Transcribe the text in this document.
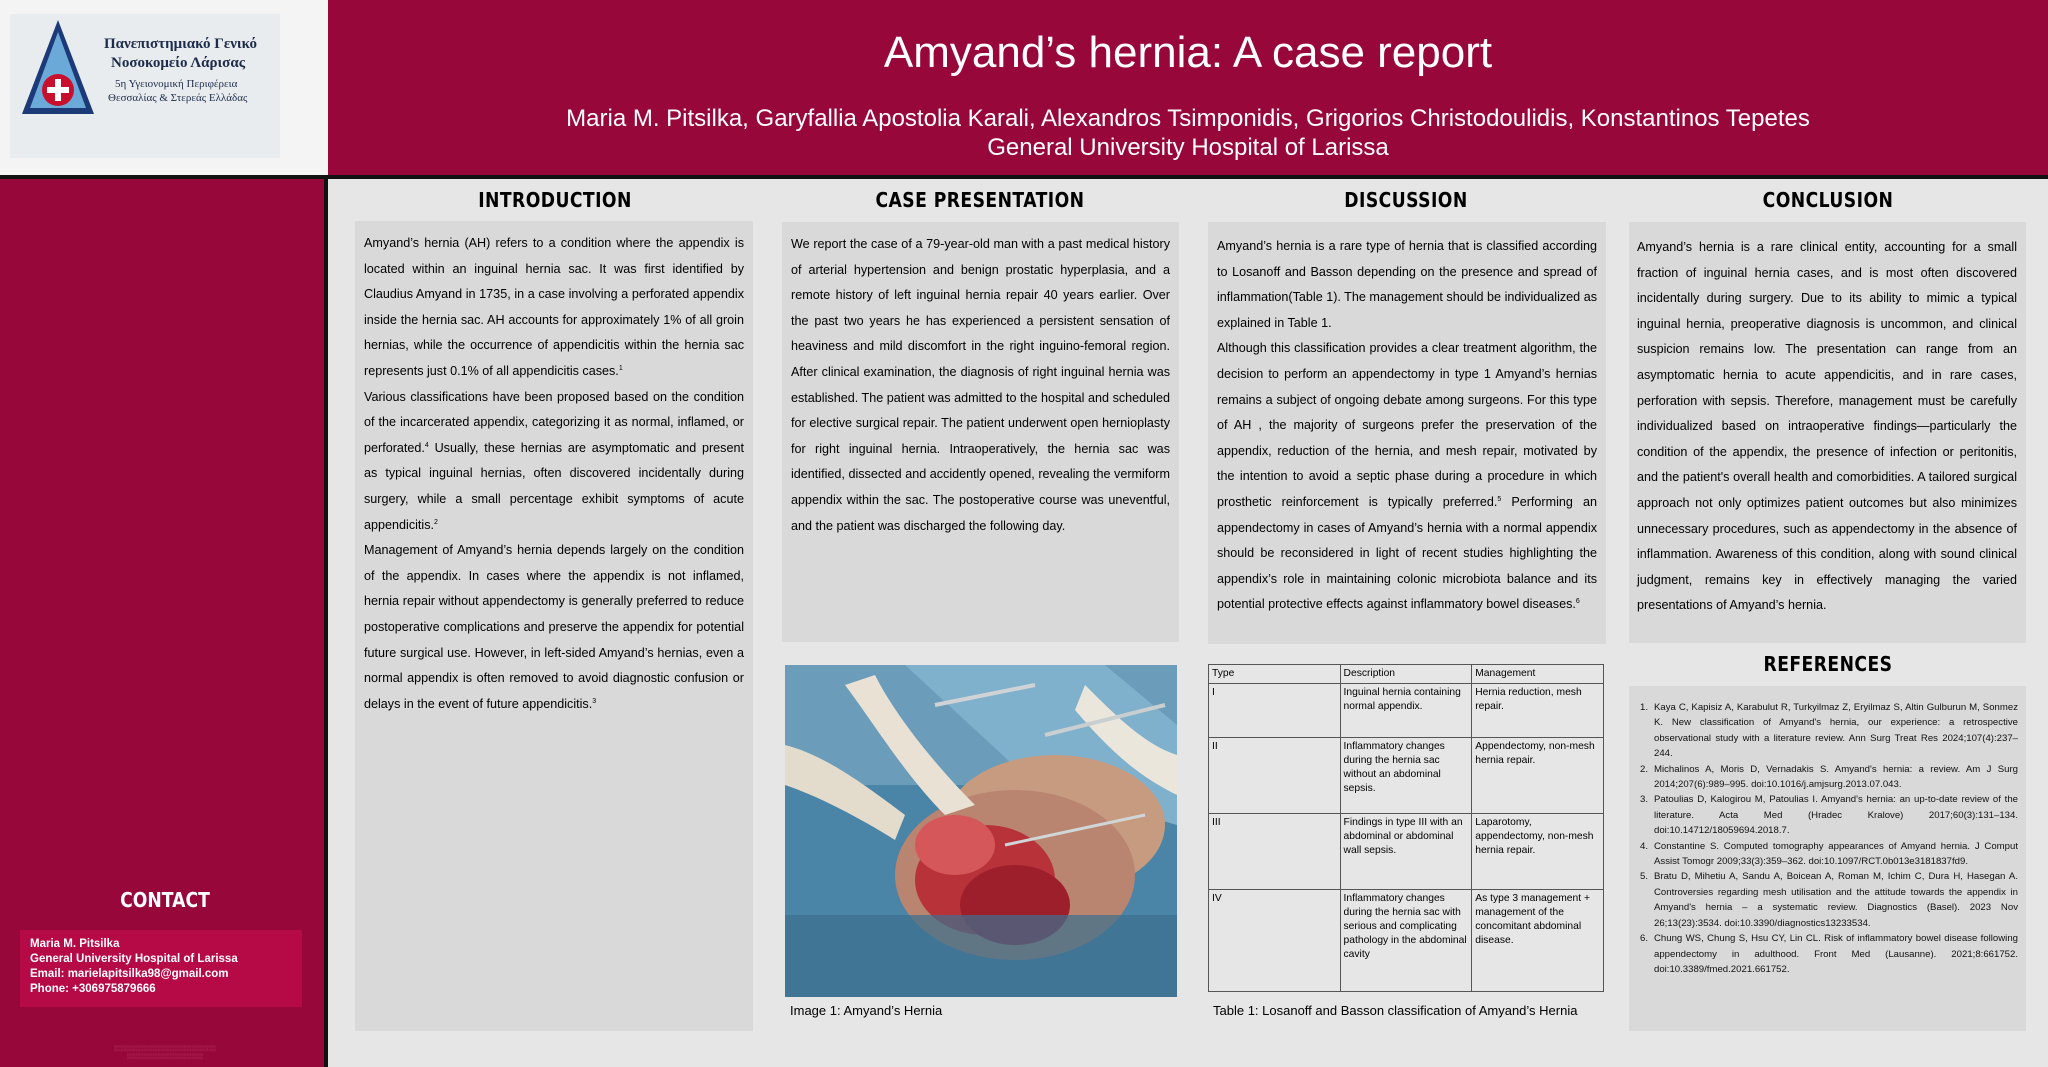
Πανεπιστημιακό Γενικό
Νοσοκομείο Λάρισας
5η Υγειονομική Περιφέρεια
Θεσσαλίας & Στερεάς Ελλάδας
Amyand’s hernia: A case report
Maria M. Pitsilka, Garyfallia Apostolia Karali, Alexandros Tsimponidis, Grigorios Christodoulidis, Konstantinos Tepetes
General University Hospital of Larissa
CONTACT
Maria M. Pitsilka
General University Hospital of Larissa
Email: marielapitsilka98@gmail.com
Phone: +306975879666
░░░░░░░░░░░░░░░░░░░░░░░░
░░░░░░░░░░░░░░░░░░
INTRODUCTION

Amyand’s hernia (AH) refers to a condition where the appendix is located within an inguinal hernia sac. It was first identified by Claudius Amyand in 1735, in a case involving a perforated appendix inside the hernia sac. AH accounts for approximately 1% of all groin hernias, while the occurrence of appendicitis within the hernia sac represents just 0.1% of all appendicitis cases.$^1$

Various classifications have been proposed based on the condition of the incarcerated appendix, categorizing it as normal, inflamed, or perforated.$^4$ Usually, these hernias are asymptomatic and present as typical inguinal hernias, often discovered incidentally during surgery, while a small percentage exhibit symptoms of acute appendicitis.$^2$

Management of Amyand’s hernia depends largely on the condition of the appendix. In cases where the appendix is not inflamed, hernia repair without appendectomy is generally preferred to reduce postoperative complications and preserve the appendix for potential future surgical use. However, in left-sided Amyand’s hernias, even a normal appendix is often removed to avoid diagnostic confusion or delays in the event of future appendicitis.$^3$

CASE PRESENTATION

We report the case of a 79-year-old man with a past medical history of arterial hypertension and benign prostatic hyperplasia, and a remote history of left inguinal hernia repair 40 years earlier. Over the past two years he has experienced a persistent sensation of heaviness and mild discomfort in the right inguino-femoral region. After clinical examination, the diagnosis of right inguinal hernia was established. The patient was admitted to the hospital and scheduled for elective surgical repair. The patient underwent open hernioplasty for right inguinal hernia. Intraoperatively, the hernia sac was identified, dissected and accidently opened, revealing the vermiform appendix within the sac. The postoperative course was uneventful, and the patient was discharged the following day.

Image 1: Amyand’s Hernia
DISCUSSION

Amyand’s hernia is a rare type of hernia that is classified according to Losanoff and Basson depending on the presence and spread of inflammation(Table 1). The management should be individualized as explained in Table 1.

Although this classification provides a clear treatment algorithm, the decision to perform an appendectomy in type 1 Amyand’s hernias remains a subject of ongoing debate among surgeons. For this type of AH , the majority of surgeons prefer the preservation of the appendix, reduction of the hernia, and mesh repair, motivated by the intention to avoid a septic phase during a procedure in which prosthetic reinforcement is typically preferred.$^5$ Performing an appendectomy in cases of Amyand’s hernia with a normal appendix should be reconsidered in light of recent studies highlighting the appendix’s role in maintaining colonic microbiota balance and its potential protective effects against inflammatory bowel diseases.$^6$

Type	Description	Management
I	Inguinal hernia containing normal appendix.	Hernia reduction, mesh repair.
II	Inflammatory changes during the hernia sac without an abdominal sepsis.	Appendectomy, non-mesh hernia repair.
III	Findings in type III with an abdominal or abdominal wall sepsis.	Laparotomy, appendectomy, non-mesh hernia repair.
IV	Inflammatory changes during the hernia sac with serious and complicating pathology in the abdominal cavity	As type 3 management + management of the concomitant abdominal disease.
Table 1: Losanoff and Basson classification of Amyand’s Hernia
CONCLUSION

Amyand’s hernia is a rare clinical entity, accounting for a small fraction of inguinal hernia cases, and is most often discovered incidentally during surgery. Due to its ability to mimic a typical inguinal hernia, preoperative diagnosis is uncommon, and clinical suspicion remains low. The presentation can range from an asymptomatic hernia to acute appendicitis, and in rare cases, perforation with sepsis. Therefore, management must be carefully individualized based on intraoperative findings—particularly the condition of the appendix, the presence of infection or peritonitis, and the patient's overall health and comorbidities. A tailored surgical approach not only optimizes patient outcomes but also minimizes unnecessary procedures, such as appendectomy in the absence of inflammation. Awareness of this condition, along with sound clinical judgment, remains key in effectively managing the varied presentations of Amyand’s hernia.

REFERENCES
1. Kaya C, Kapisiz A, Karabulut R, Turkyilmaz Z, Eryilmaz S, Altin Gulburun M, Sonmez K. New classification of Amyand's hernia, our experience: a retrospective observational study with a literature review. Ann Surg Treat Res 2024;107(4):237–244.
2. Michalinos A, Moris D, Vernadakis S. Amyand's hernia: a review. Am J Surg 2014;207(6):989–995. doi:10.1016/j.amjsurg.2013.07.043.
3. Patoulias D, Kalogirou M, Patoulias I. Amyand's hernia: an up-to-date review of the literature. Acta Med (Hradec Kralove) 2017;60(3):131–134. doi:10.14712/18059694.2018.7.
4. Constantine S. Computed tomography appearances of Amyand hernia. J Comput Assist Tomogr 2009;33(3):359–362. doi:10.1097/RCT.0b013e3181837fd9.
5. Bratu D, Mihetiu A, Sandu A, Boicean A, Roman M, Ichim C, Dura H, Hasegan A. Controversies regarding mesh utilisation and the attitude towards the appendix in Amyand's hernia – a systematic review. Diagnostics (Basel). 2023 Nov 26;13(23):3534. doi:10.3390/diagnostics13233534.
6. Chung WS, Chung S, Hsu CY, Lin CL. Risk of inflammatory bowel disease following appendectomy in adulthood. Front Med (Lausanne). 2021;8:661752. doi:10.3389/fmed.2021.661752.
